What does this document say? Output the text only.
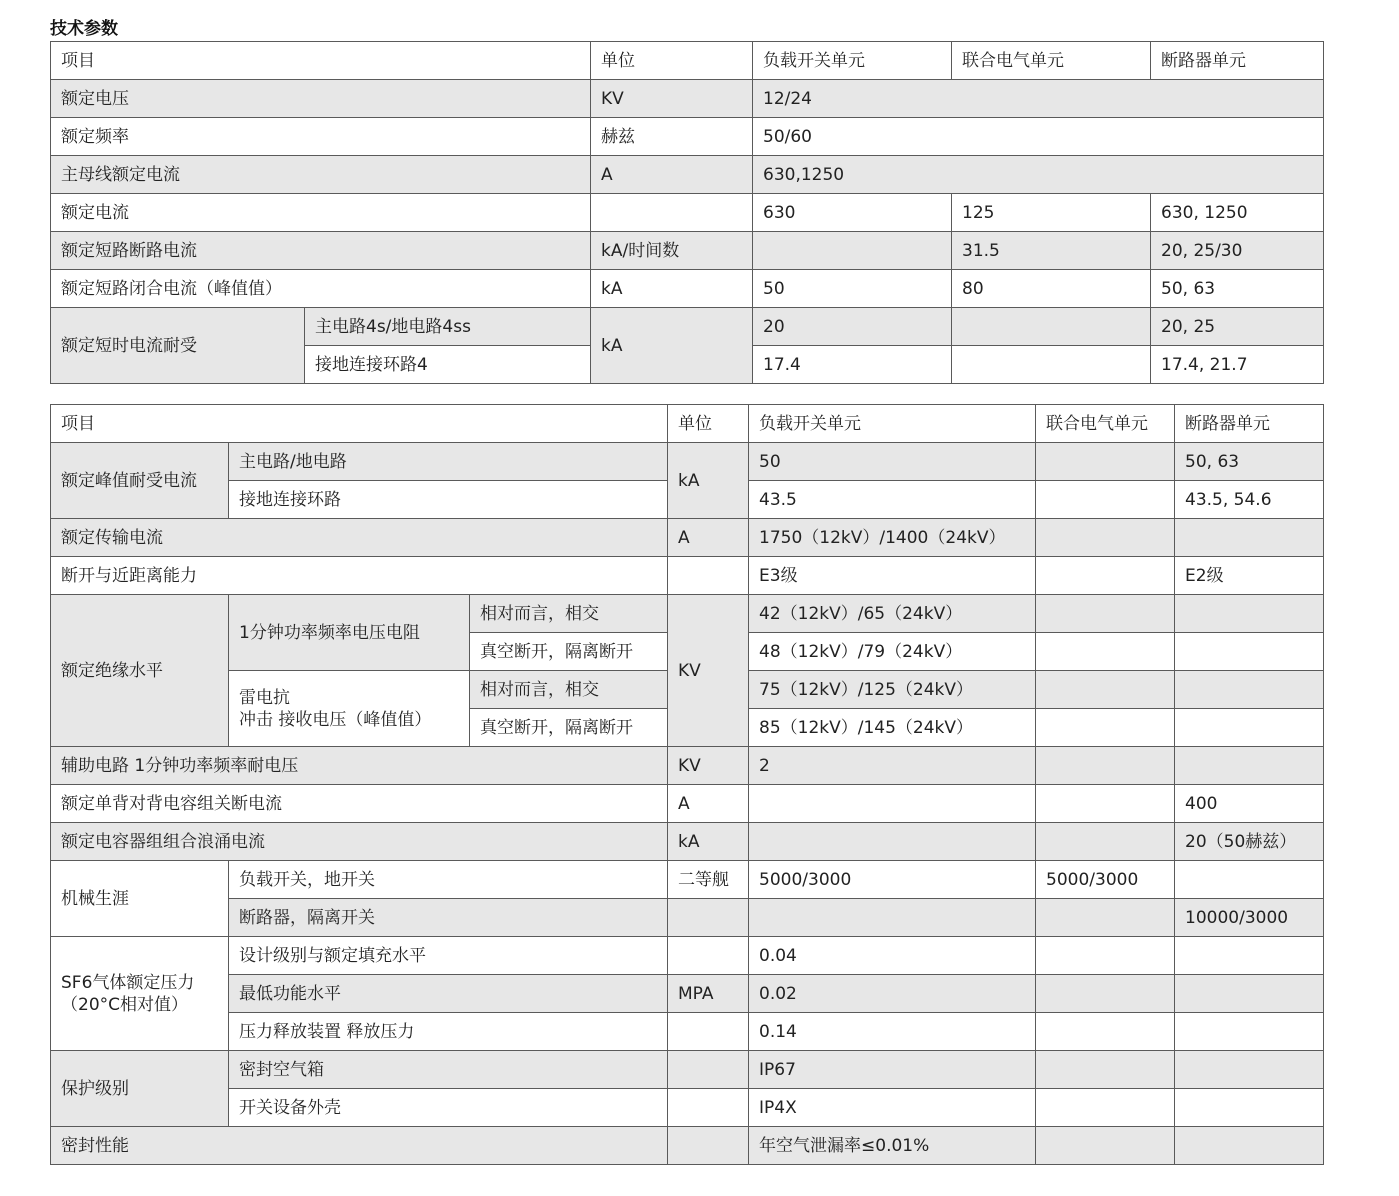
技术参数
项目		单位	负载开关单元	联合电气单元	断路器单元
额定电压		KV	12/24		
额定频率		赫兹	50/60		
主母线额定电流		A	630,1250		
额定电流			630	125	630, 1250
额定短路断路电流		kA/时间数		31.5	20, 25/30
额定短路闭合电流（峰值值）		kA	50	80	50, 63
额定短时电流耐受	主电路4s/地电路4ss	kA	20		20, 25
	接地连接环路4		17.4		17.4, 21.7
项目			单位	负载开关单元	联合电气单元	断路器单元
额定峰值耐受电流	主电路/地电路		kA	50		50, 63
	接地连接环路			43.5		43.5, 54.6
额定传输电流			A	1750（12kV）/1400（24kV）		
断开与近距离能力				E3级		E2级
额定绝缘水平	1分钟功率频率电压电阻	相对而言，相交	KV	42（12kV）/65（24kV）		
		真空断开，隔离断开		48（12kV）/79（24kV）		
	雷电抗
冲击 接收电压（峰值值）	相对而言，相交		75（12kV）/125（24kV）		
		真空断开，隔离断开		85（12kV）/145（24kV）		
辅助电路 1分钟功率频率耐电压			KV	2		
额定单背对背电容组关断电流			A			400
额定电容器组组合浪涌电流			kA			20（50赫兹）
机械生涯	负载开关，地开关		二等舰	5000/3000	5000/3000	
	断路器，隔离开关					10000/3000
SF6气体额定压力
（20°C相对值）	设计级别与额定填充水平			0.04		
	最低功能水平		MPA	0.02		
	压力释放装置 释放压力			0.14		
保护级别	密封空气箱			IP67		
	开关设备外壳			IP4X		
密封性能				年空气泄漏率≤0.01%		
